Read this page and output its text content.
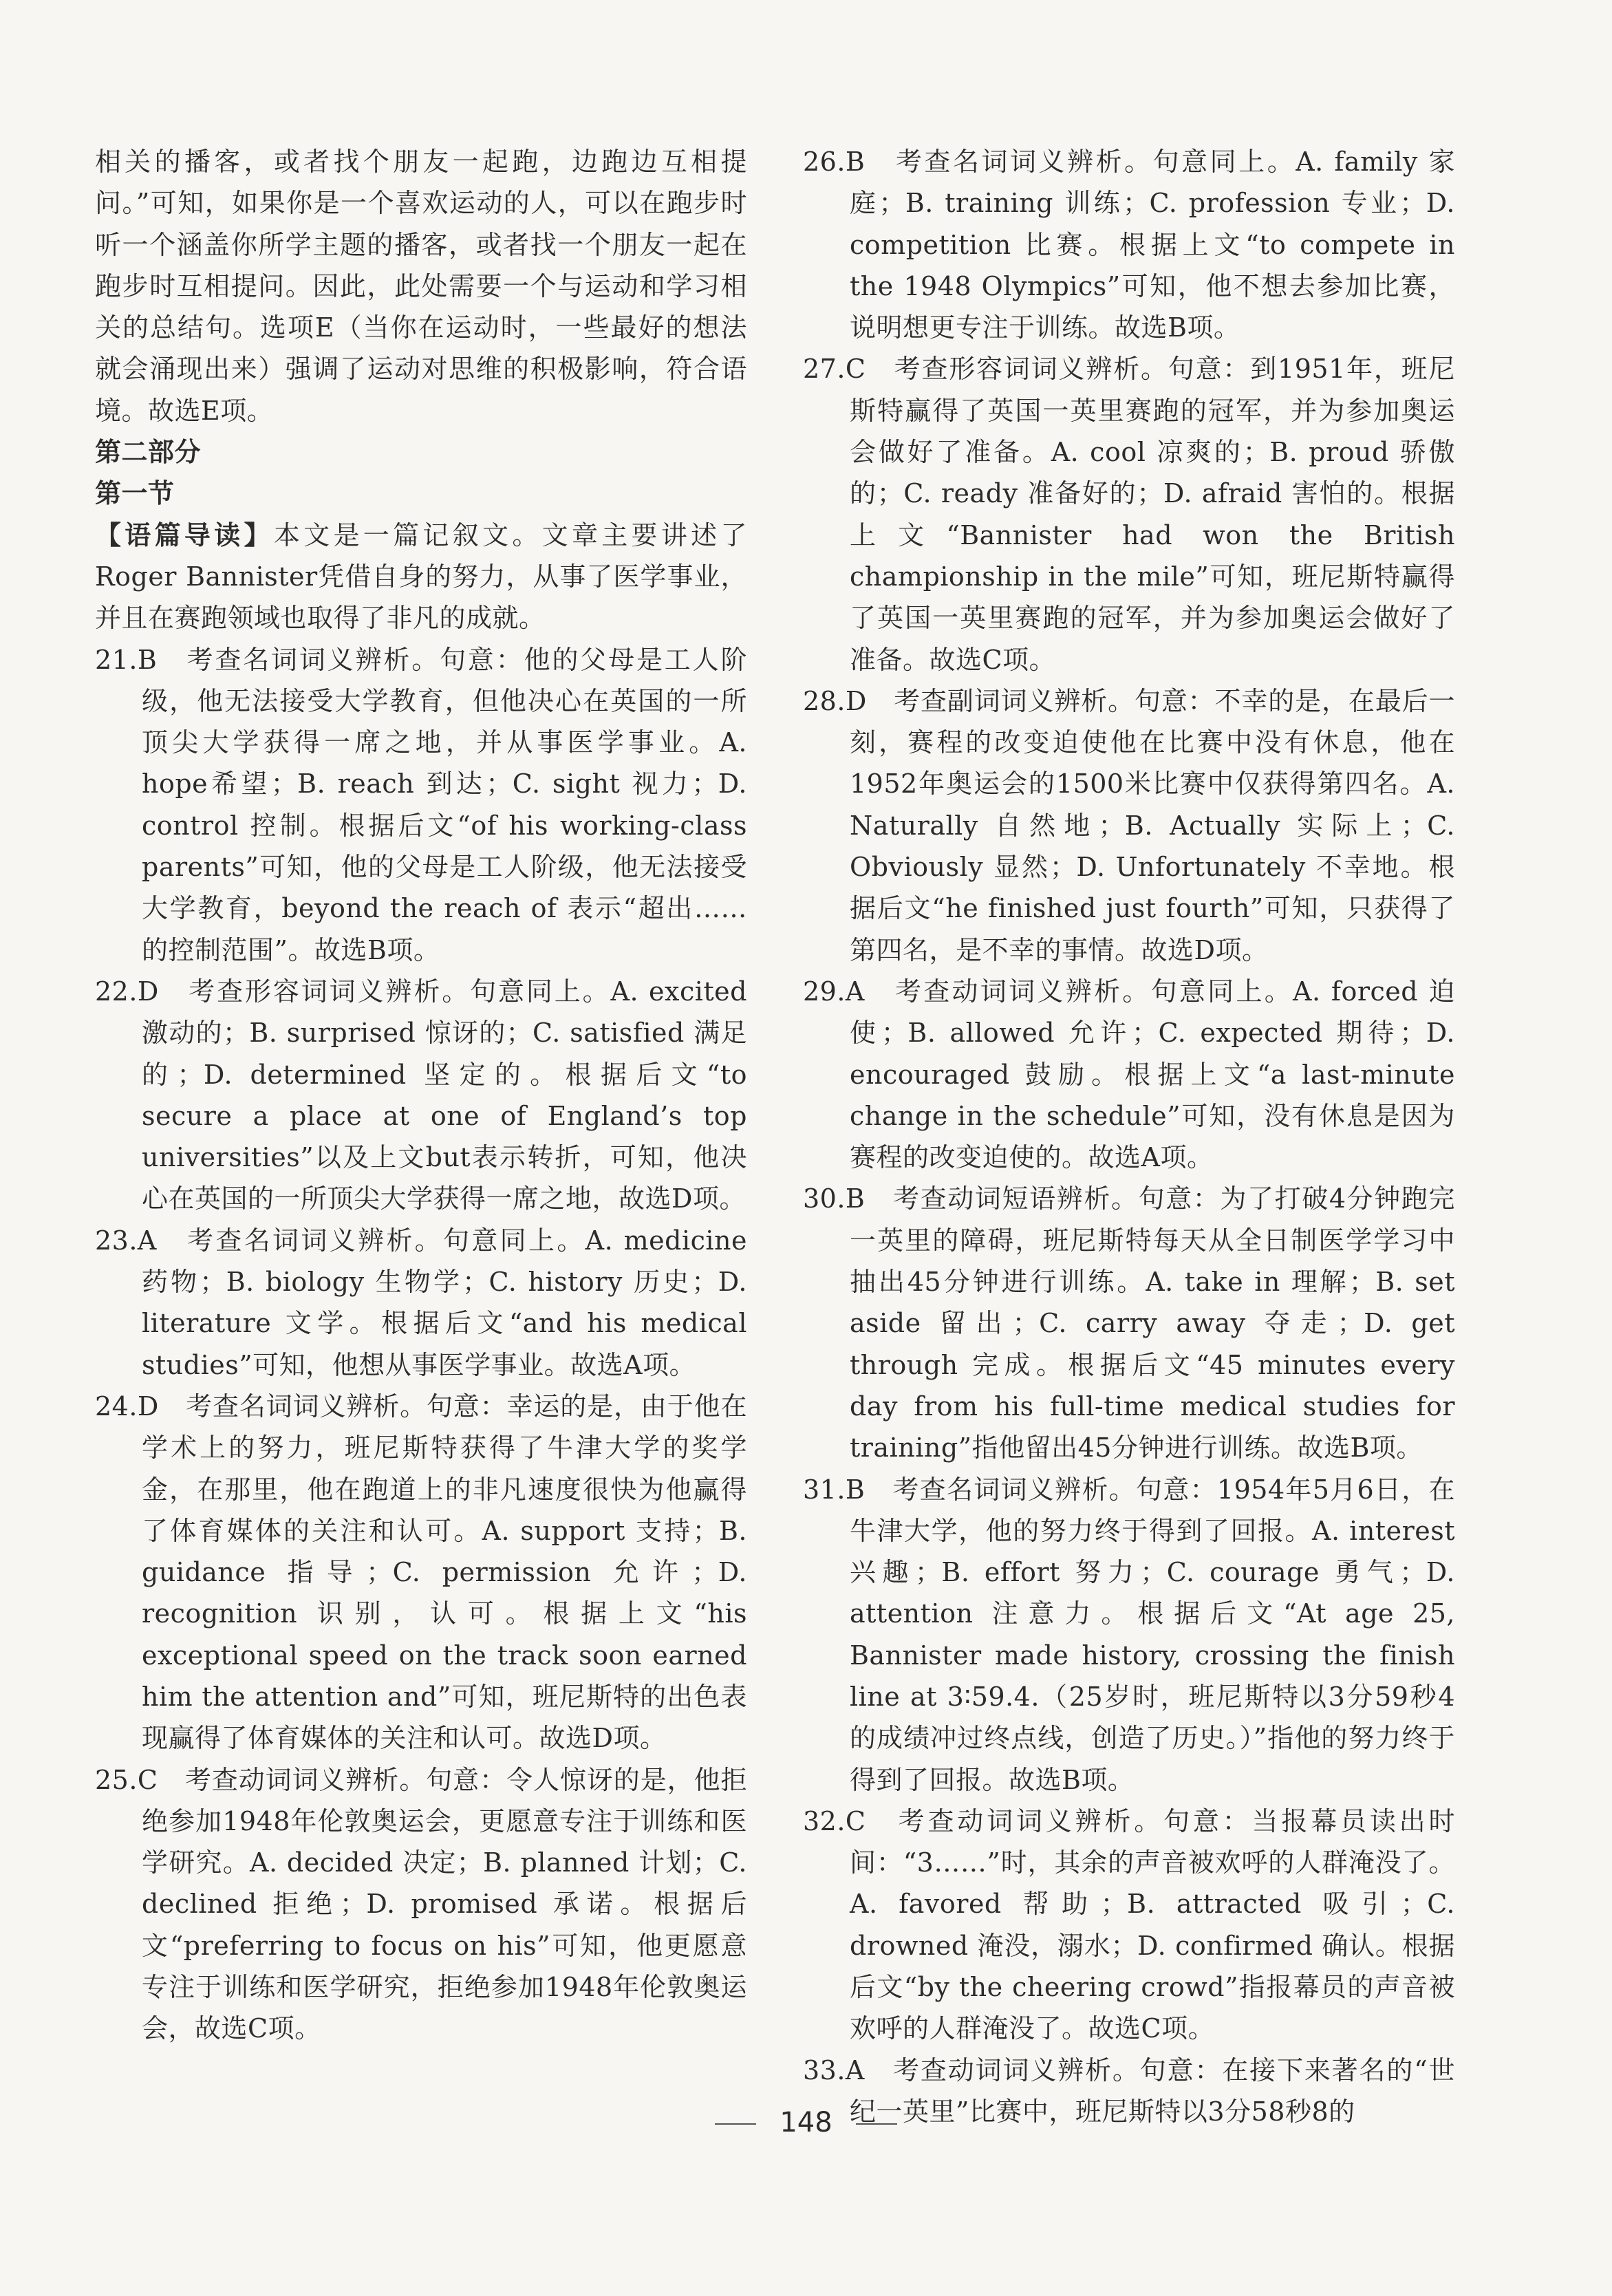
相关的播客，或者找个朋友一起跑，边跑边互相提问。”可知，如果你是一个喜欢运动的人，可以在跑步时听一个涵盖你所学主题的播客，或者找一个朋友一起在跑步时互相提问。因此，此处需要一个与运动和学习相关的总结句。选项E（当你在运动时，一些最好的想法就会涌现出来）强调了运动对思维的积极影响，符合语境。故选E项。

第二部分

第一节

【语篇导读】本文是一篇记叙文。文章主要讲述了Roger Bannister凭借自身的努力，从事了医学事业，并且在赛跑领域也取得了非凡的成就。

21.B　考查名词词义辨析。句意：他的父母是工人阶级，他无法接受大学教育，但他决心在英国的一所顶尖大学获得一席之地，并从事医学事业。A. hope希望；B. reach 到达；C. sight 视力；D. control 控制。根据后文“of his working-class parents”可知，他的父母是工人阶级，他无法接受大学教育，beyond the reach of 表示“超出……的控制范围”。故选B项。

22.D　考查形容词词义辨析。句意同上。A. excited 激动的；B. surprised 惊讶的；C. satisfied 满足的；D. determined 坚定的。根据后文“to secure a place at one of England’s top universities”以及上文but表示转折，可知，他决心在英国的一所顶尖大学获得一席之地，故选D项。

23.A　考查名词词义辨析。句意同上。A. medicine 药物；B. biology 生物学；C. history 历史；D. literature 文学。根据后文“and his medical studies”可知，他想从事医学事业。故选A项。

24.D　考查名词词义辨析。句意：幸运的是，由于他在学术上的努力，班尼斯特获得了牛津大学的奖学金，在那里，他在跑道上的非凡速度很快为他赢得了体育媒体的关注和认可。A. support 支持；B. guidance 指导；C. permission 允许；D. recognition 识别，认可。根据上文“his exceptional speed on the track soon earned him the attention and”可知，班尼斯特的出色表现赢得了体育媒体的关注和认可。故选D项。

25.C　考查动词词义辨析。句意：令人惊讶的是，他拒绝参加1948年伦敦奥运会，更愿意专注于训练和医学研究。A. decided 决定；B. planned 计划；C. declined 拒绝；D. promised 承诺。根据后文“preferring to focus on his”可知，他更愿意专注于训练和医学研究，拒绝参加1948年伦敦奥运会，故选C项。

26.B　考查名词词义辨析。句意同上。A. family 家庭；B. training 训练；C. profession 专业；D. competition 比赛。根据上文“to compete in the 1948 Olympics”可知，他不想去参加比赛，说明想更专注于训练。故选B项。

27.C　考查形容词词义辨析。句意：到1951年，班尼斯特赢得了英国一英里赛跑的冠军，并为参加奥运会做好了准备。A. cool 凉爽的；B. proud 骄傲的；C. ready 准备好的；D. afraid 害怕的。根据上文“Bannister had won the British championship in the mile”可知，班尼斯特赢得了英国一英里赛跑的冠军，并为参加奥运会做好了准备。故选C项。

28.D　考查副词词义辨析。句意：不幸的是，在最后一刻，赛程的改变迫使他在比赛中没有休息，他在1952年奥运会的1500米比赛中仅获得第四名。A. Naturally 自然地；B. Actually 实际上；C. Obviously 显然；D. Unfortunately 不幸地。根据后文“he finished just fourth”可知，只获得了第四名，是不幸的事情。故选D项。

29.A　考查动词词义辨析。句意同上。A. forced 迫使；B. allowed 允许；C. expected 期待；D. encouraged 鼓励。根据上文“a last-minute change in the schedule”可知，没有休息是因为赛程的改变迫使的。故选A项。

30.B　考查动词短语辨析。句意：为了打破4分钟跑完一英里的障碍，班尼斯特每天从全日制医学学习中抽出45分钟进行训练。A. take in 理解；B. set aside 留出；C. carry away 夺走；D. get through 完成。根据后文“45 minutes every day from his full-time medical studies for training”指他留出45分钟进行训练。故选B项。

31.B　考查名词词义辨析。句意：1954年5月6日，在牛津大学，他的努力终于得到了回报。A. interest 兴趣；B. effort 努力；C. courage 勇气；D. attention 注意力。根据后文“At age 25, Bannister made history, crossing the finish line at 3∶59.4.（25岁时，班尼斯特以3分59秒4的成绩冲过终点线，创造了历史。）”指他的努力终于得到了回报。故选B项。

32.C　考查动词词义辨析。句意：当报幕员读出时间：“3……”时，其余的声音被欢呼的人群淹没了。A. favored 帮助；B. attracted 吸引；C. drowned 淹没，溺水；D. confirmed 确认。根据后文“by the cheering crowd”指报幕员的声音被欢呼的人群淹没了。故选C项。

33.A　考查动词词义辨析。句意：在接下来著名的“世纪一英里”比赛中，班尼斯特以3分58秒8的

148
